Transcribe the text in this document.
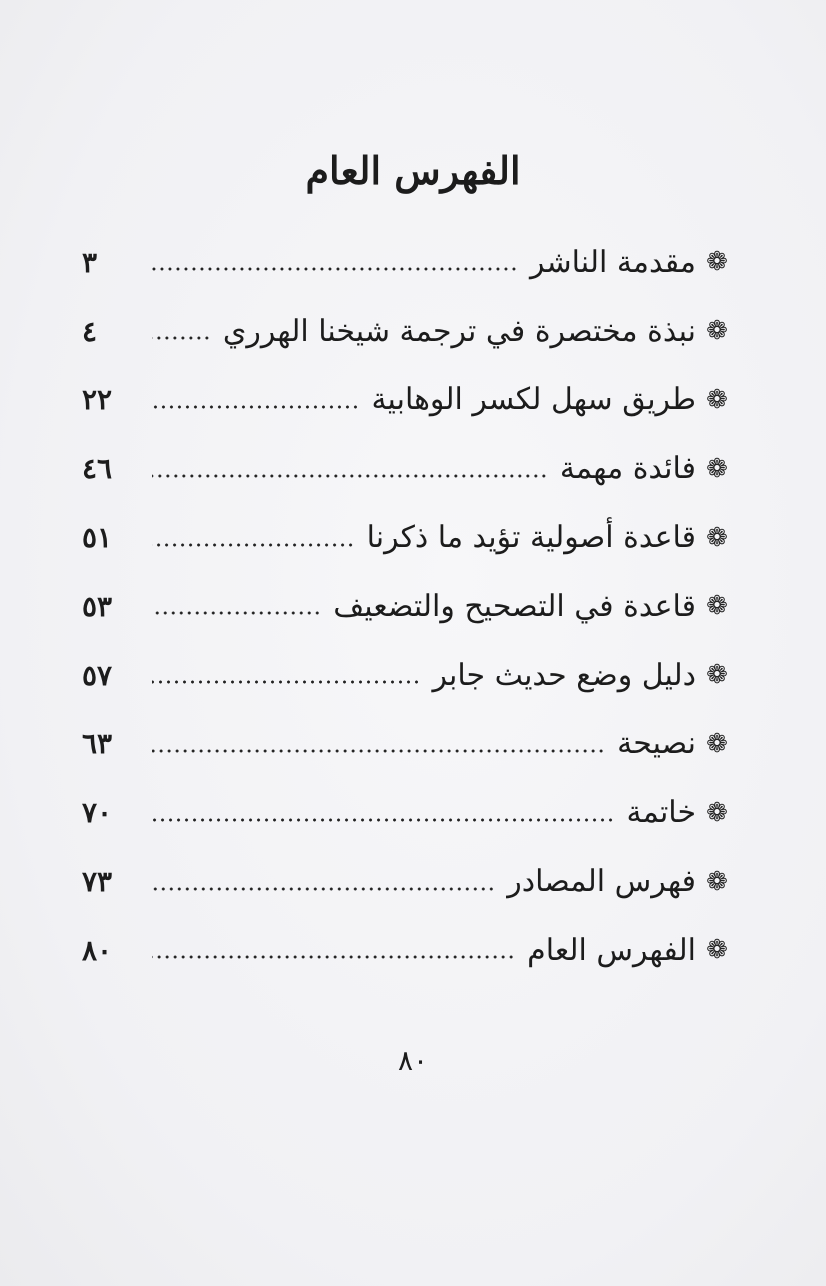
الفهرس العام
❁
مقدمة الناشر
٣
❁
نبذة مختصرة في ترجمة شيخنا الهرري
٤
❁
طريق سهل لكسر الوهابية
٢٢
❁
فائدة مهمة
٤٦
❁
قاعدة أصولية تؤيد ما ذكرنا
٥١
❁
قاعدة في التصحيح والتضعيف
٥٣
❁
دليل وضع حديث جابر
٥٧
❁
نصيحة
٦٣
❁
خاتمة
٧٠
❁
فهرس المصادر
٧٣
❁
الفهرس العام
٨٠
٨٠
